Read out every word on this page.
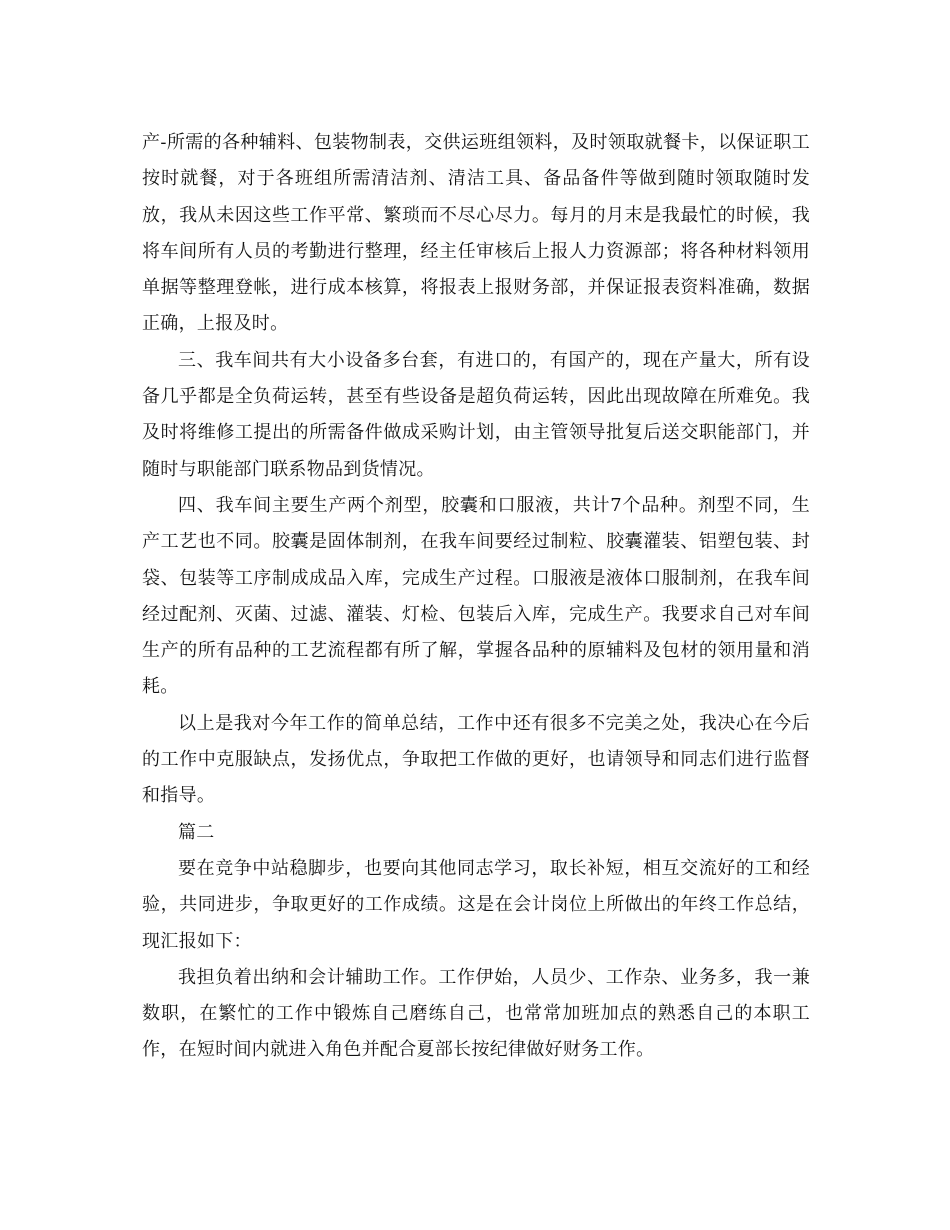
产-所需的各种辅料、包装物制表，交供运班组领料，及时领取就餐卡，以保证职工按时就餐，对于各班组所需清洁剂、清洁工具、备品备件等做到随时领取随时发放，我从未因这些工作平常、繁琐而不尽心尽力。每月的月末是我最忙的时候，我将车间所有人员的考勤进行整理，经主任审核后上报人力资源部；将各种材料领用单据等整理登帐，进行成本核算，将报表上报财务部，并保证报表资料准确，数据正确，上报及时。

三、我车间共有大小设备多台套，有进口的，有国产的，现在产量大，所有设备几乎都是全负荷运转，甚至有些设备是超负荷运转，因此出现故障在所难免。我及时将维修工提出的所需备件做成采购计划，由主管领导批复后送交职能部门，并随时与职能部门联系物品到货情况。

四、我车间主要生产两个剂型，胶囊和口服液，共计7个品种。剂型不同，生产工艺也不同。胶囊是固体制剂，在我车间要经过制粒、胶囊灌装、铝塑包装、封袋、包装等工序制成成品入库，完成生产过程。口服液是液体口服制剂，在我车间经过配剂、灭菌、过滤、灌装、灯检、包装后入库，完成生产。我要求自己对车间生产的所有品种的工艺流程都有所了解，掌握各品种的原辅料及包材的领用量和消耗。

以上是我对今年工作的简单总结，工作中还有很多不完美之处，我决心在今后的工作中克服缺点，发扬优点，争取把工作做的更好，也请领导和同志们进行监督和指导。

篇二

要在竞争中站稳脚步，也要向其他同志学习，取长补短，相互交流好的工和经验，共同进步，争取更好的工作成绩。这是在会计岗位上所做出的年终工作总结，现汇报如下：

我担负着出纳和会计辅助工作。工作伊始，人员少、工作杂、业务多，我一兼数职，在繁忙的工作中锻炼自己磨练自己，也常常加班加点的熟悉自己的本职工作，在短时间内就进入角色并配合夏部长按纪律做好财务工作。
